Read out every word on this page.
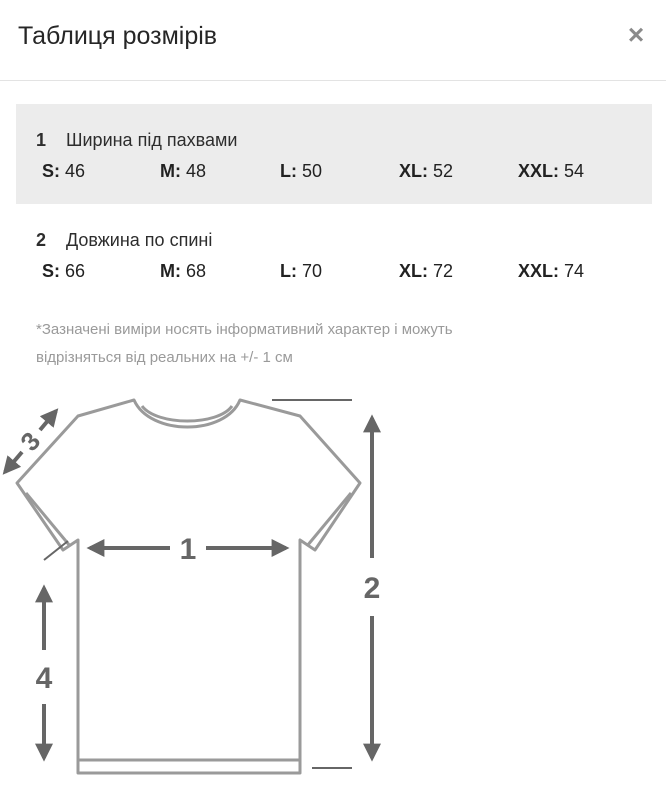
Таблиця розмірів	×
1 Ширина під пахвами
S: 46	M: 48	L: 50	XL: 52	XXL: 54
2 Довжина по спині
S: 66	M: 68	L: 70	XL: 72	XXL: 74
*Зазначені виміри носять інформативний характер і можуть
відрізняться від реальних на +/- 1 см
1
2
3
4
